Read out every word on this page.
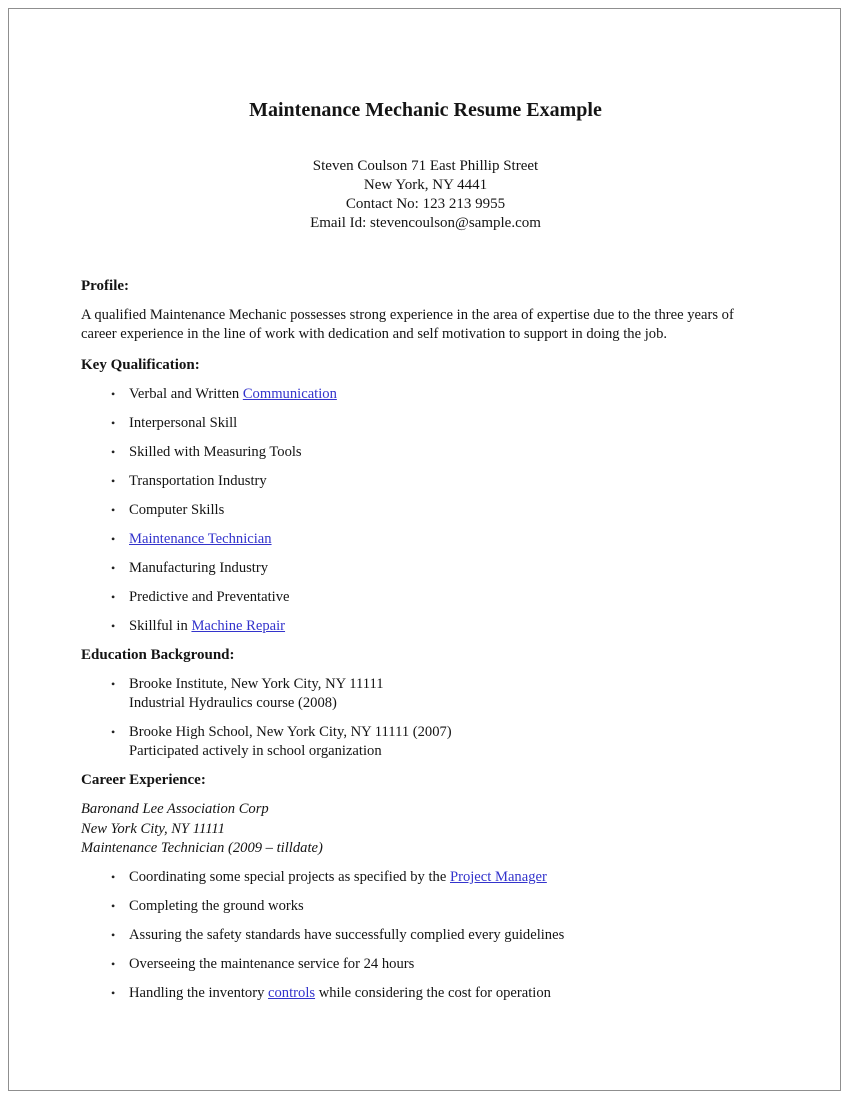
Maintenance Mechanic Resume Example
Steven Coulson 71 East Phillip Street
New York, NY 4441
Contact No: 123 213 9955
Email Id: stevencoulson@sample.com
Profile:

A qualified Maintenance Mechanic possesses strong experience in the area of expertise due to the three years of career experience in the line of work with dedication and self motivation to support in doing the job.

Key Qualification:
• Verbal and Written Communication
• Interpersonal Skill
• Skilled with Measuring Tools
• Transportation Industry
• Computer Skills
• Maintenance Technician
• Manufacturing Industry
• Predictive and Preventative
• Skillful in Machine Repair
Education Background:
• Brooke Institute, New York City, NY 11111
Industrial Hydraulics course (2008)
• Brooke High School, New York City, NY 11111 (2007)
Participated actively in school organization
Career Experience:
Baronand Lee Association Corp
New York City, NY 11111
Maintenance Technician (2009 – tilldate)
• Coordinating some special projects as specified by the Project Manager
• Completing the ground works
• Assuring the safety standards have successfully complied every guidelines
• Overseeing the maintenance service for 24 hours
• Handling the inventory controls while considering the cost for operation
